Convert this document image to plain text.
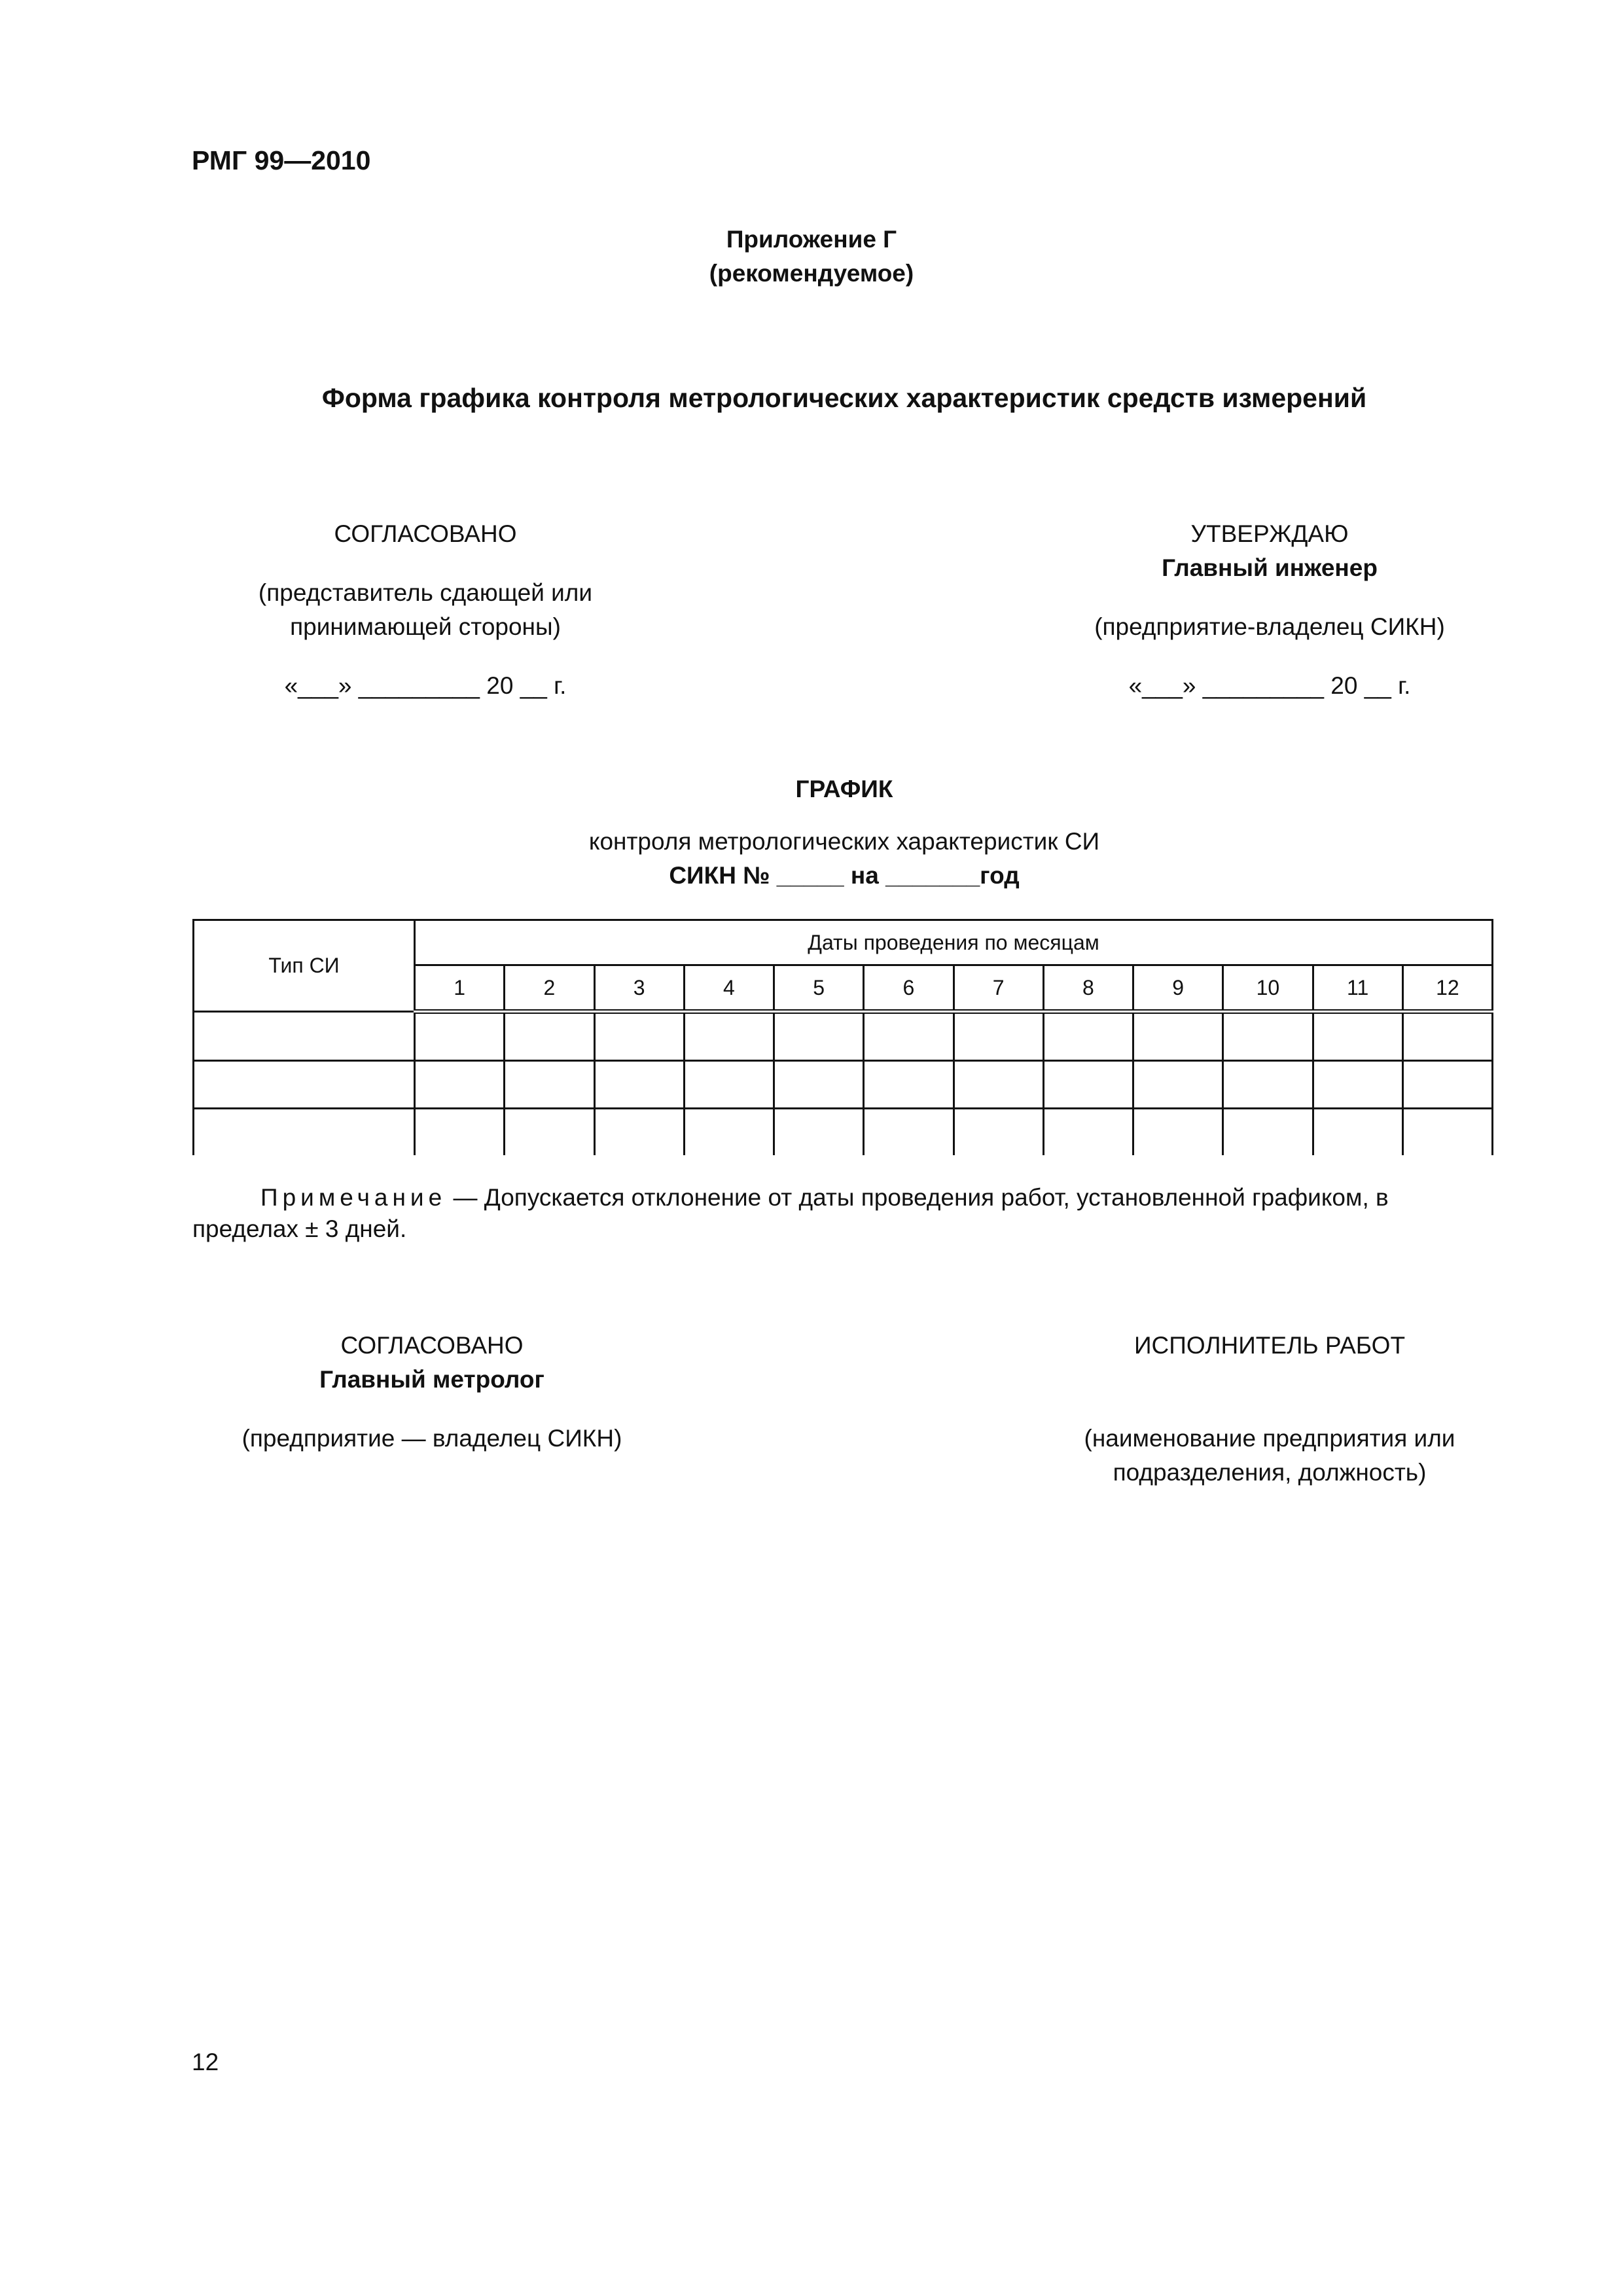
РМГ 99—2010
Приложение Г
(рекомендуемое)
Форма графика контроля метрологических характеристик средств измерений
СОГЛАСОВАНО
(представитель сдающей или
принимающей стороны)
«___» _________ 20 __ г.
УТВЕРЖДАЮ
Главный инженер
(предприятие-владелец СИКН)
«___» _________ 20 __ г.
ГРАФИК
контроля метрологических характеристик СИ
СИКН № _____ на _______год
Тип СИ	Даты проведения по месяцам											
	1	2	3	4	5	6	7	8	9	10	11	12

Примечание — Допускается отклонение от даты проведения работ, установленной графиком, в пределах ± 3 дней.
СОГЛАСОВАНО
Главный метролог
(предприятие — владелец СИКН)
ИСПОЛНИТЕЛЬ РАБОТ
(наименование предприятия или
подразделения, должность)
12
